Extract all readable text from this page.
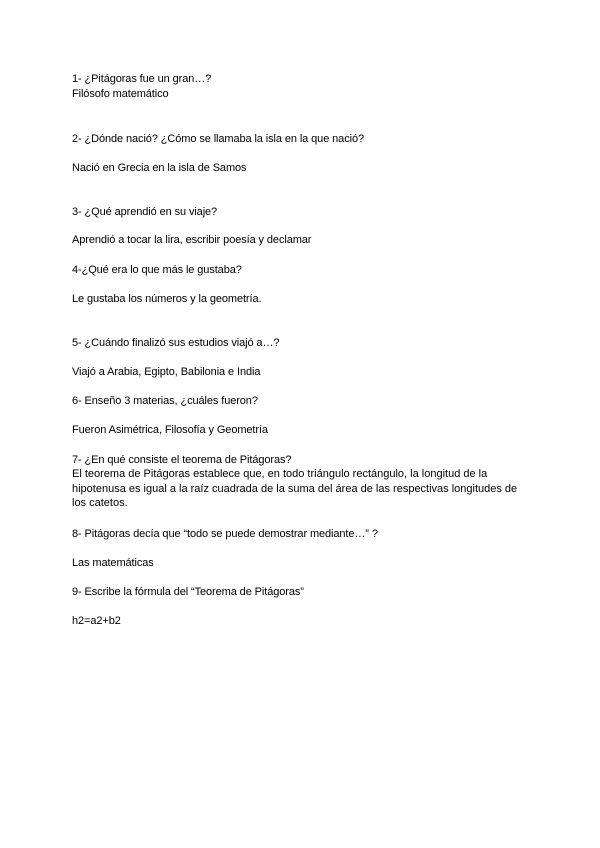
1- ¿Pitágoras fue un gran…?
Filósofo matemático
2- ¿Dónde nació? ¿Cómo se llamaba la isla en la que nació?
Nació en Grecia en la isla de Samos
3- ¿Qué aprendió en su viaje?
Aprendió a tocar la lira, escribir poesía y declamar
4-¿Qué era lo que más le gustaba?
Le gustaba los números y la geometría.
5- ¿Cuándo finalizó sus estudios viajó a…?
Viajó a Arabia, Egipto, Babilonia e India
6- Enseño 3 materias, ¿cuáles fueron?
Fueron Asimétrica, Filosofía y Geometría
7- ¿En qué consiste el teorema de Pitágoras?
El teorema de Pitágoras establece que, en todo triángulo rectángulo, la longitud de la hipotenusa es igual a la raíz cuadrada de la suma del área de las respectivas longitudes de los catetos.
8- Pitágoras decía que “todo se puede demostrar mediante…” ?
Las matemáticas
9- Escribe la fórmula del “Teorema de Pitágoras”
h2=a2+b2
